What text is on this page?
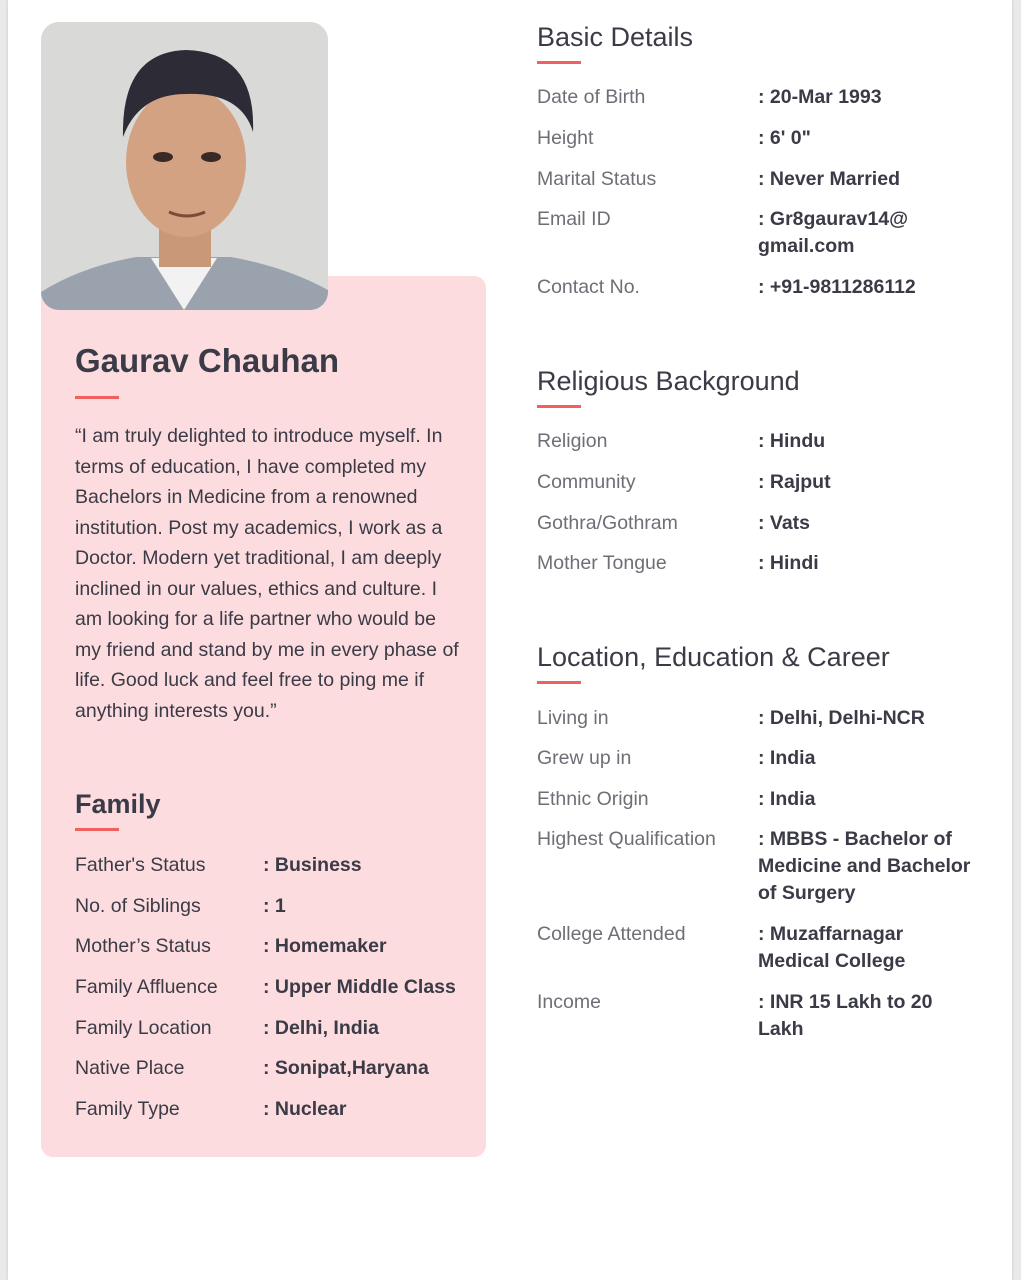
Gaurav Chauhan

“I am truly delighted to introduce myself. In terms of education, I have completed my Bachelors in Medicine from a renowned institution. Post my academics, I work as a Doctor. Modern yet traditional, I am deeply inclined in our values, ethics and culture. I am looking for a life partner who would be my friend and stand by me in every phase of life. Good luck and feel free to ping me if anything interests you.”

Family
Father's Status	: Business
No. of Siblings	: 1
Mother’s Status	: Homemaker
Family Affluence : Upper Middle Class
Family Location	: Delhi, India
Native Place	: Sonipat,Haryana
Family Type	: Nuclear
Basic Details
Date of Birth	: 20-Mar 1993
Height	: 6' 0"
Marital Status	: Never Married
Email ID	: Gr8gaurav14@
gmail.com
Contact No.	: +91-9811286112
Religious Background
Religion	: Hindu
Community	: Rajput
Gothra/Gothram	: Vats
Mother Tongue	: Hindi
Location, Education & Career
Living in	: Delhi, Delhi-NCR
Grew up in	: India
Ethnic Origin	: India
Highest Qualification : MBBS - Bachelor of Medicine and Bachelor of Surgery
College Attended	: Muzaffarnagar Medical College
Income	: INR 15 Lakh to 20 Lakh
